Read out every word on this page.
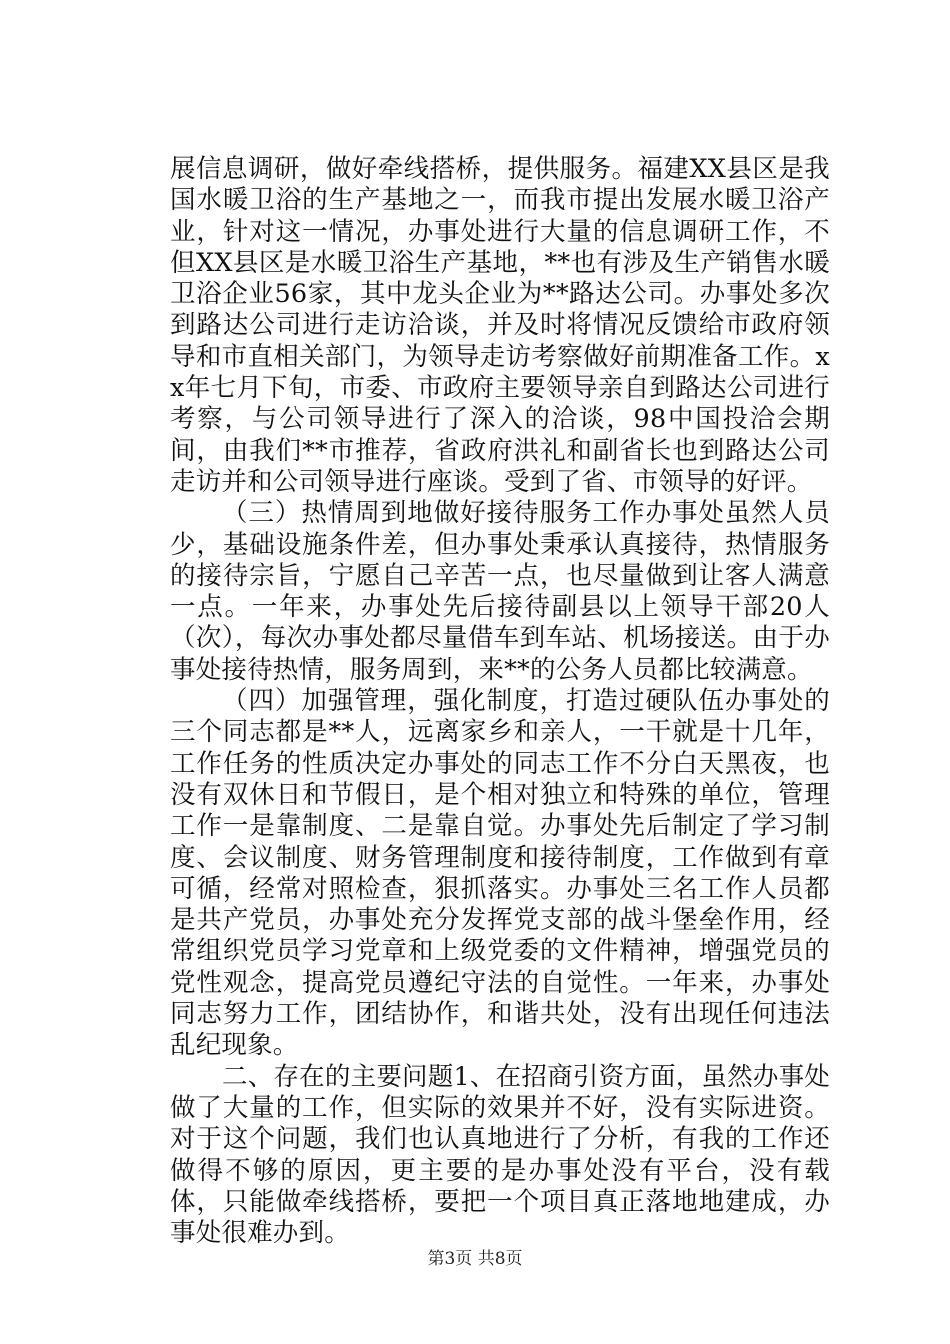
展信息调研，做好牵线搭桥，提供服务。福建XX县区是我国水暖卫浴的生产基地之一，而我市提出发展水暖卫浴产业，针对这一情况，办事处进行大量的信息调研工作，不但XX县区是水暖卫浴生产基地，**也有涉及生产销售水暖卫浴企业56家，其中龙头企业为**路达公司。办事处多次到路达公司进行走访洽谈，并及时将情况反馈给市政府领导和市直相关部门，为领导走访考察做好前期准备工作。xx年七月下旬，市委、市政府主要领导亲自到路达公司进行考察，与公司领导进行了深入的洽谈，98中国投洽会期间，由我们**市推荐，省政府洪礼和副省长也到路达公司走访并和公司领导进行座谈。受到了省、市领导的好评。

（三）热情周到地做好接待服务工作办事处虽然人员少，基础设施条件差，但办事处秉承认真接待，热情服务的接待宗旨，宁愿自己辛苦一点，也尽量做到让客人满意一点。一年来，办事处先后接待副县以上领导干部20人（次），每次办事处都尽量借车到车站、机场接送。由于办事处接待热情，服务周到，来**的公务人员都比较满意。

（四）加强管理，强化制度，打造过硬队伍办事处的三个同志都是**人，远离家乡和亲人，一干就是十几年，工作任务的性质决定办事处的同志工作不分白天黑夜，也没有双休日和节假日，是个相对独立和特殊的单位，管理工作一是靠制度、二是靠自觉。办事处先后制定了学习制度、会议制度、财务管理制度和接待制度，工作做到有章可循，经常对照检查，狠抓落实。办事处三名工作人员都是共产党员，办事处充分发挥党支部的战斗堡垒作用，经常组织党员学习党章和上级党委的文件精神，增强党员的党性观念，提高党员遵纪守法的自觉性。一年来，办事处同志努力工作，团结协作，和谐共处，没有出现任何违法乱纪现象。

二、存在的主要问题1、在招商引资方面，虽然办事处做了大量的工作，但实际的效果并不好，没有实际进资。对于这个问题，我们也认真地进行了分析，有我的工作还做得不够的原因，更主要的是办事处没有平台，没有载体，只能做牵线搭桥，要把一个项目真正落地地建成，办事处很难办到。

第3页 共8页
